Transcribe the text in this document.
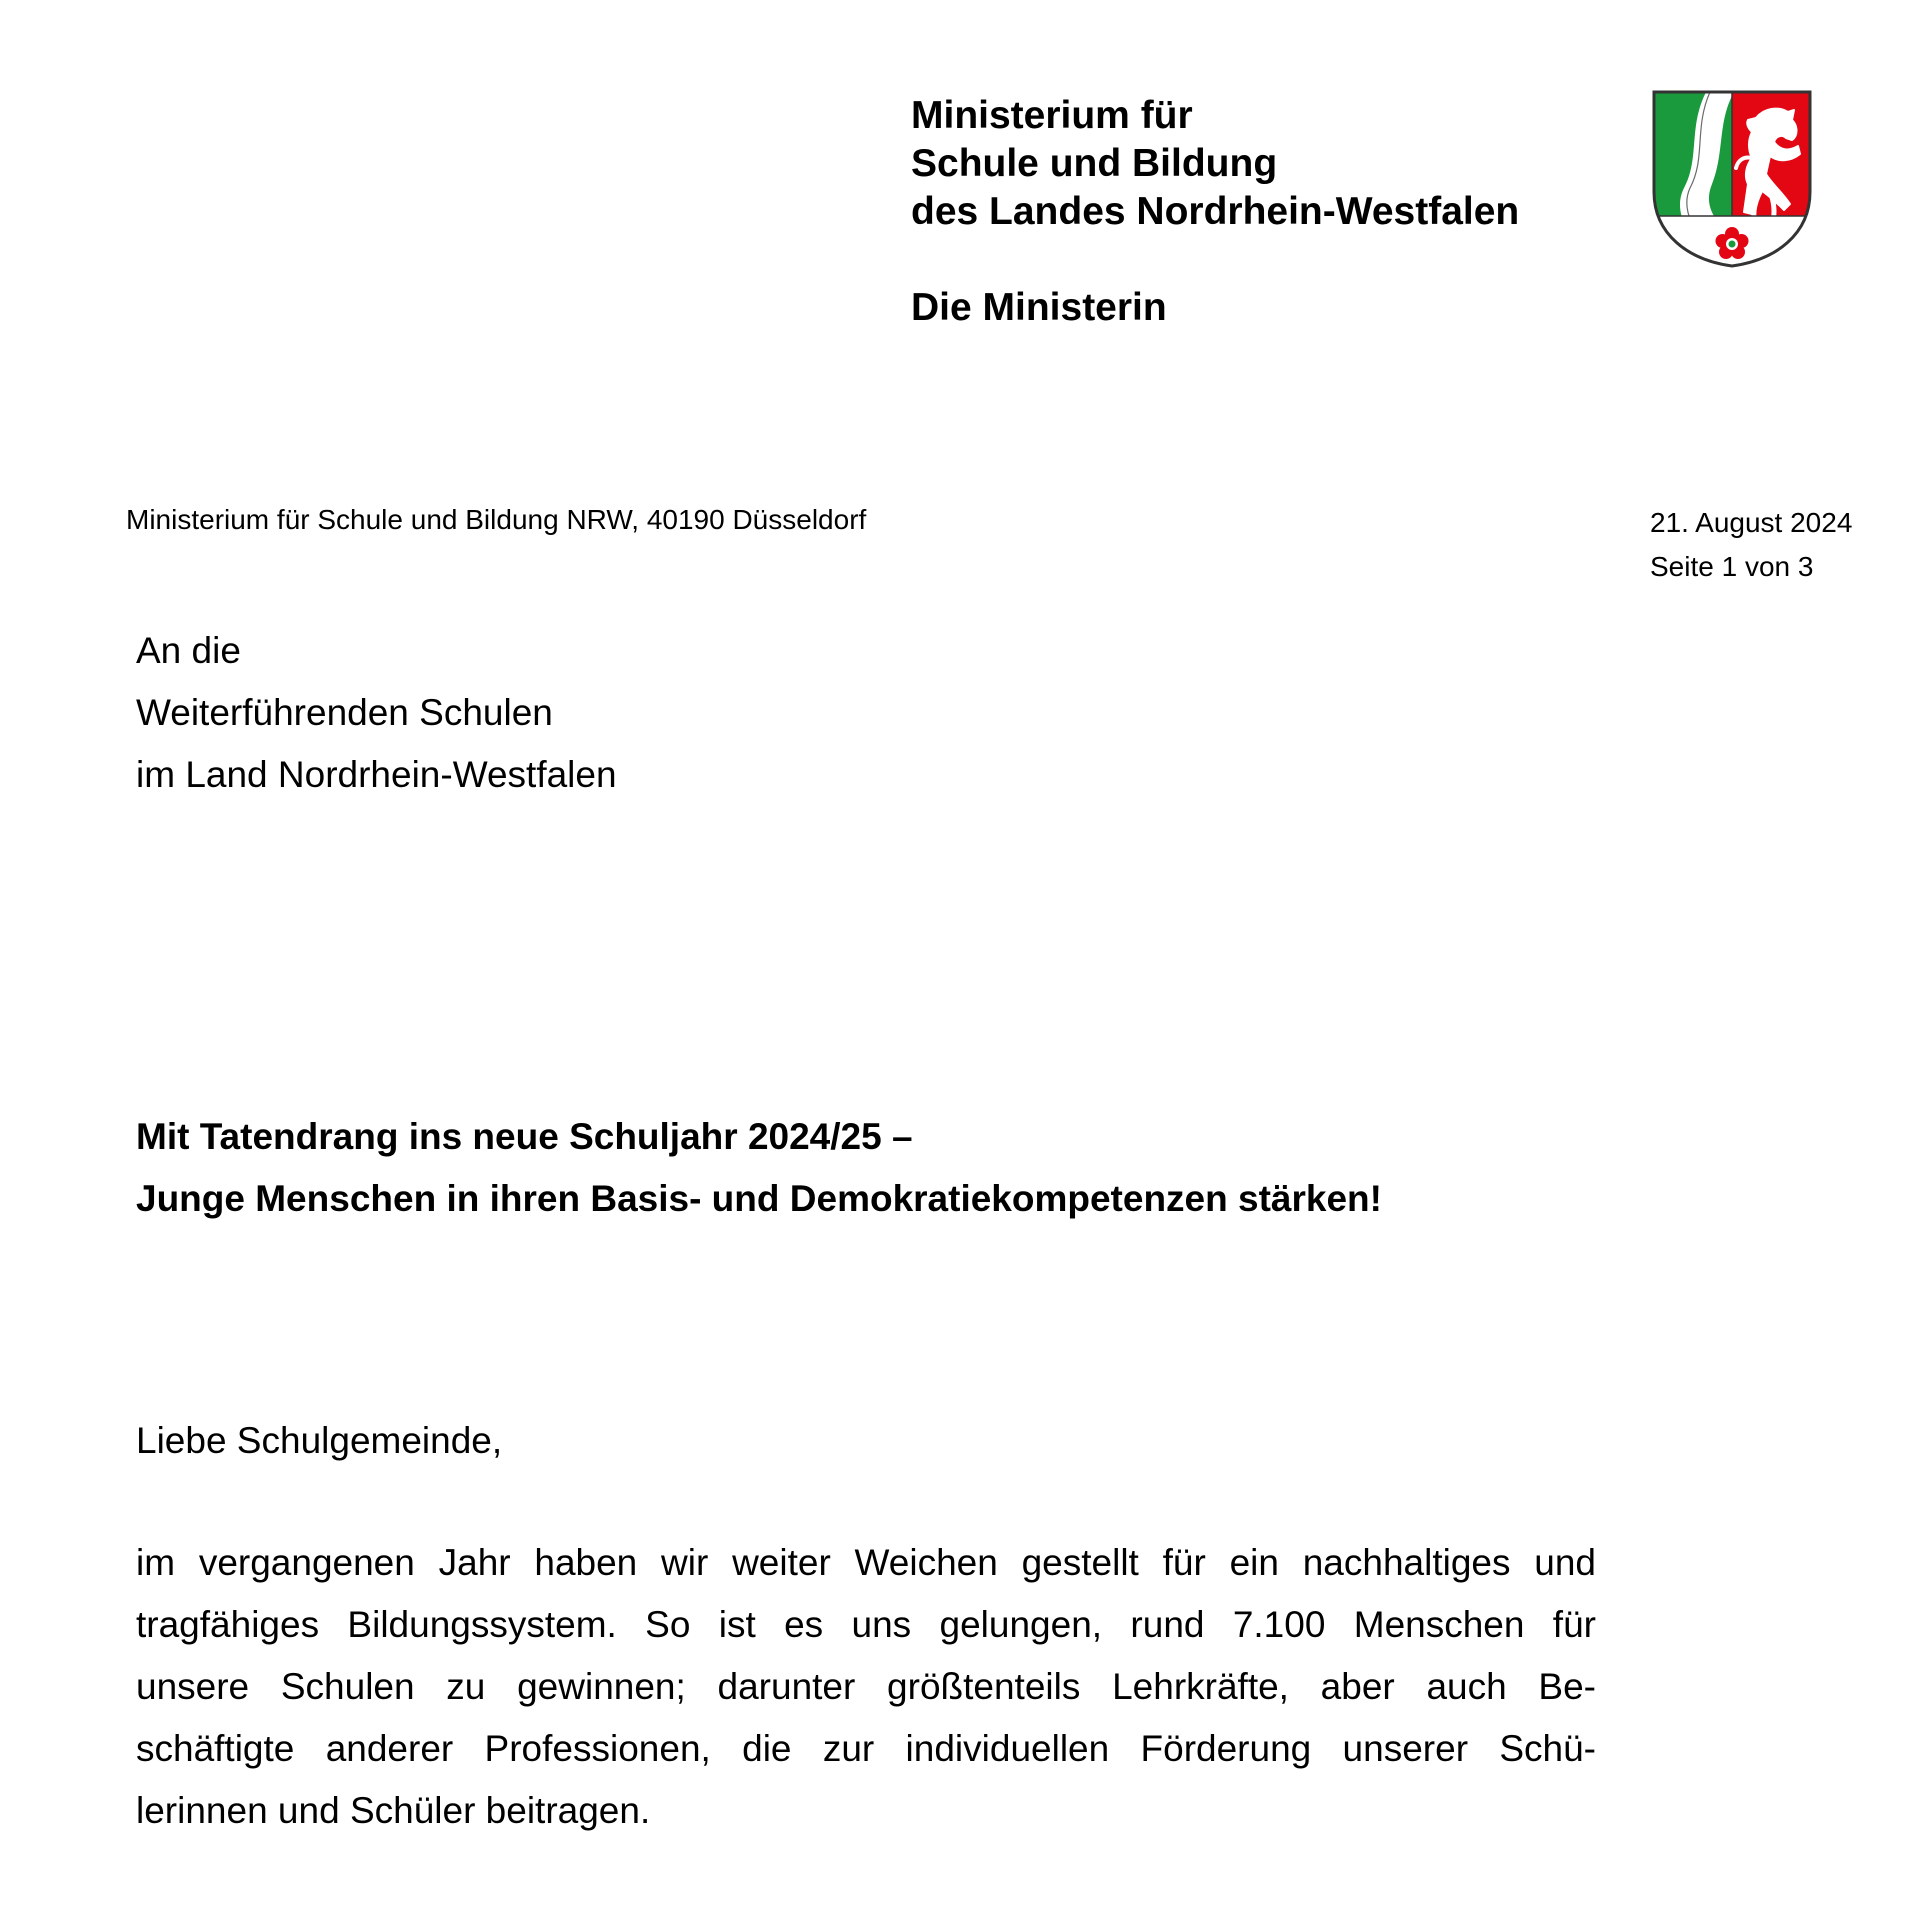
Ministerium für
Schule und Bildung
des Landes Nordrhein-Westfalen
Die Ministerin
Ministerium für Schule und Bildung NRW, 40190 Düsseldorf	21. August 2024
Seite 1 von 3
An die
Weiterführenden Schulen
im Land Nordrhein-Westfalen
Mit Tatendrang ins neue Schuljahr 2024/25 –
Junge Menschen in ihren Basis- und Demokratiekompetenzen stärken!
Liebe Schulgemeinde,
im vergangenen Jahr haben wir weiter Weichen gestellt für ein nachhaltiges und
tragfähiges Bildungssystem. So ist es uns gelungen, rund 7.100 Menschen für
unsere Schulen zu gewinnen; darunter größtenteils Lehrkräfte, aber auch Be-
schäftigte anderer Professionen, die zur individuellen Förderung unserer Schü-
lerinnen und Schüler beitragen.
